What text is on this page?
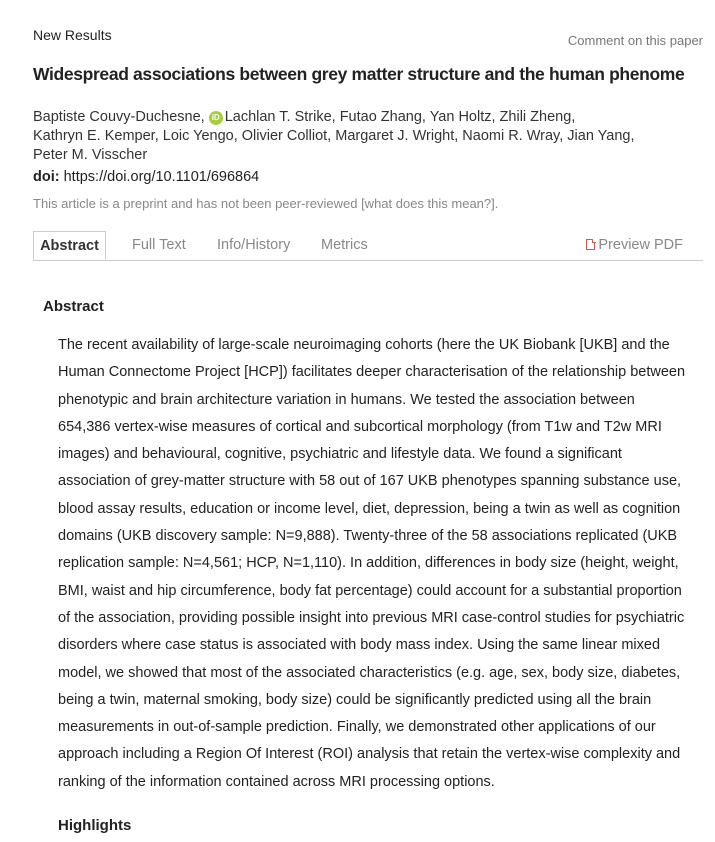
New Results	Comment on this paper
Widespread associations between grey matter structure and the human phenome
Baptiste Couvy-Duchesne, iD Lachlan T. Strike, Futao Zhang, Yan Holtz, Zhili Zheng,
Kathryn E. Kemper, Loic Yengo, Olivier Colliot, Margaret J. Wright, Naomi R. Wray, Jian Yang,
Peter M. Visscher
doi: https://doi.org/10.1101/696864
This article is a preprint and has not been peer-reviewed [what does this mean?].
Abstract	Full Text Info/History Metrics	Preview PDF
Abstract

The recent availability of large-scale neuroimaging cohorts (here the UK Biobank [UKB] and the Human Connectome Project [HCP]) facilitates deeper characterisation of the relationship between phenotypic and brain architecture variation in humans. We tested the association between 654,386 vertex-wise measures of cortical and subcortical morphology (from T1w and T2w MRI images) and behavioural, cognitive, psychiatric and lifestyle data. We found a significant association of grey-matter structure with 58 out of 167 UKB phenotypes spanning substance use, blood assay results, education or income level, diet, depression, being a twin as well as cognition domains (UKB discovery sample: N=9,888). Twenty-three of the 58 associations replicated (UKB replication sample: N=4,561; HCP, N=1,110). In addition, differences in body size (height, weight, BMI, waist and hip circumference, body fat percentage) could account for a substantial proportion of the association, providing possible insight into previous MRI case-control studies for psychiatric disorders where case status is associated with body mass index. Using the same linear mixed model, we showed that most of the associated characteristics (e.g. age, sex, body size, diabetes, being a twin, maternal smoking, body size) could be significantly predicted using all the brain measurements in out-of-sample prediction. Finally, we demonstrated other applications of our approach including a Region Of Interest (ROI) analysis that retain the vertex-wise complexity and ranking of the information contained across MRI processing options.

Highlights
